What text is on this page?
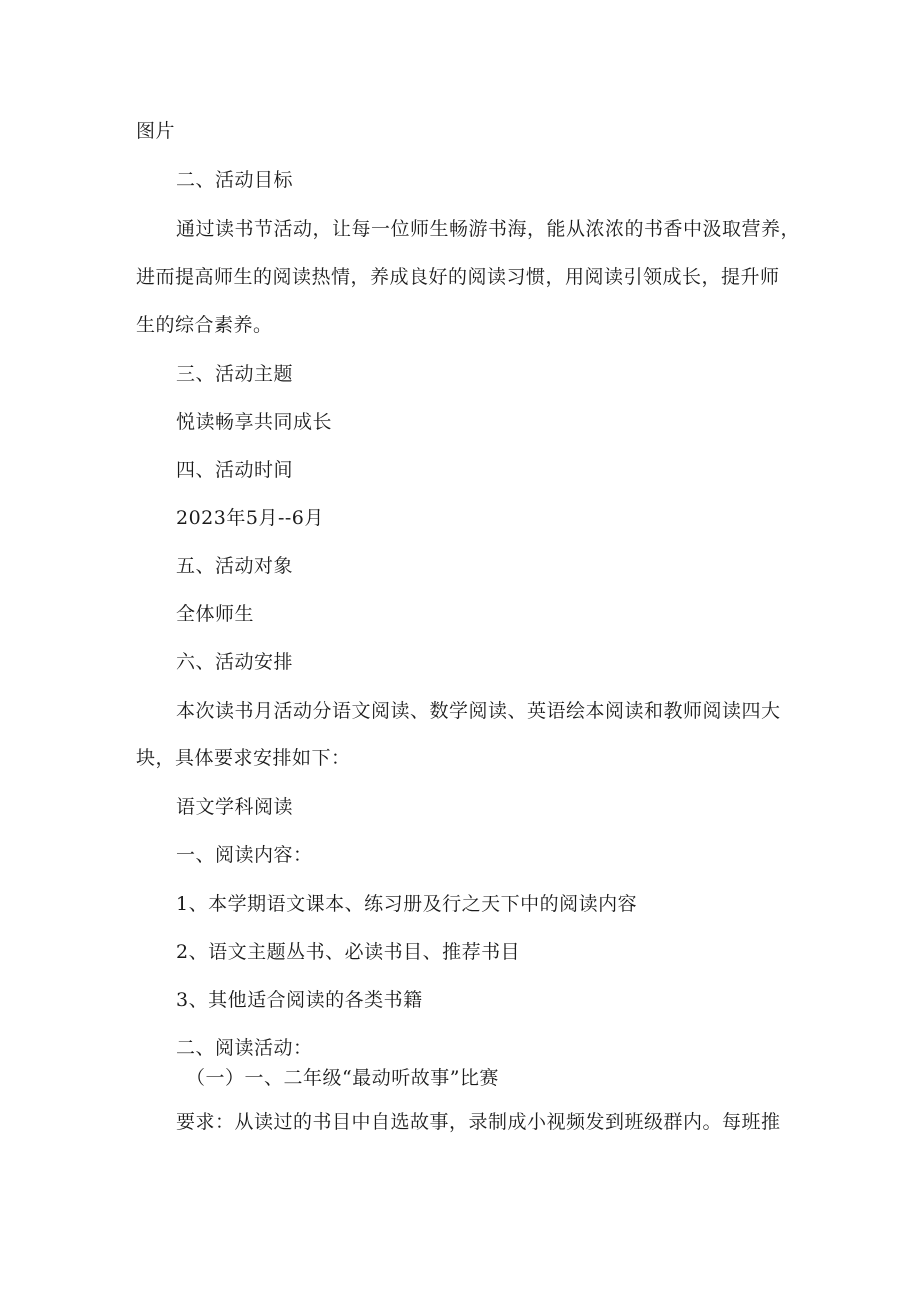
图片
二、活动目标
通过读书节活动，让每一位师生畅游书海，能从浓浓的书香中汲取营养，
进而提高师生的阅读热情，养成良好的阅读习惯，用阅读引领成长，提升师
生的综合素养。
三、活动主题
悦读畅享共同成长
四、活动时间
2023年5月--6月
五、活动对象
全体师生
六、活动安排
本次读书月活动分语文阅读、数学阅读、英语绘本阅读和教师阅读四大
块，具体要求安排如下：
语文学科阅读
一、阅读内容：
1、本学期语文课本、练习册及行之天下中的阅读内容
2、语文主题丛书、必读书目、推荐书目
3、其他适合阅读的各类书籍
二、阅读活动：
（一）一、二年级“最动听故事”比赛
要求：从读过的书目中自选故事，录制成小视频发到班级群内。每班推
